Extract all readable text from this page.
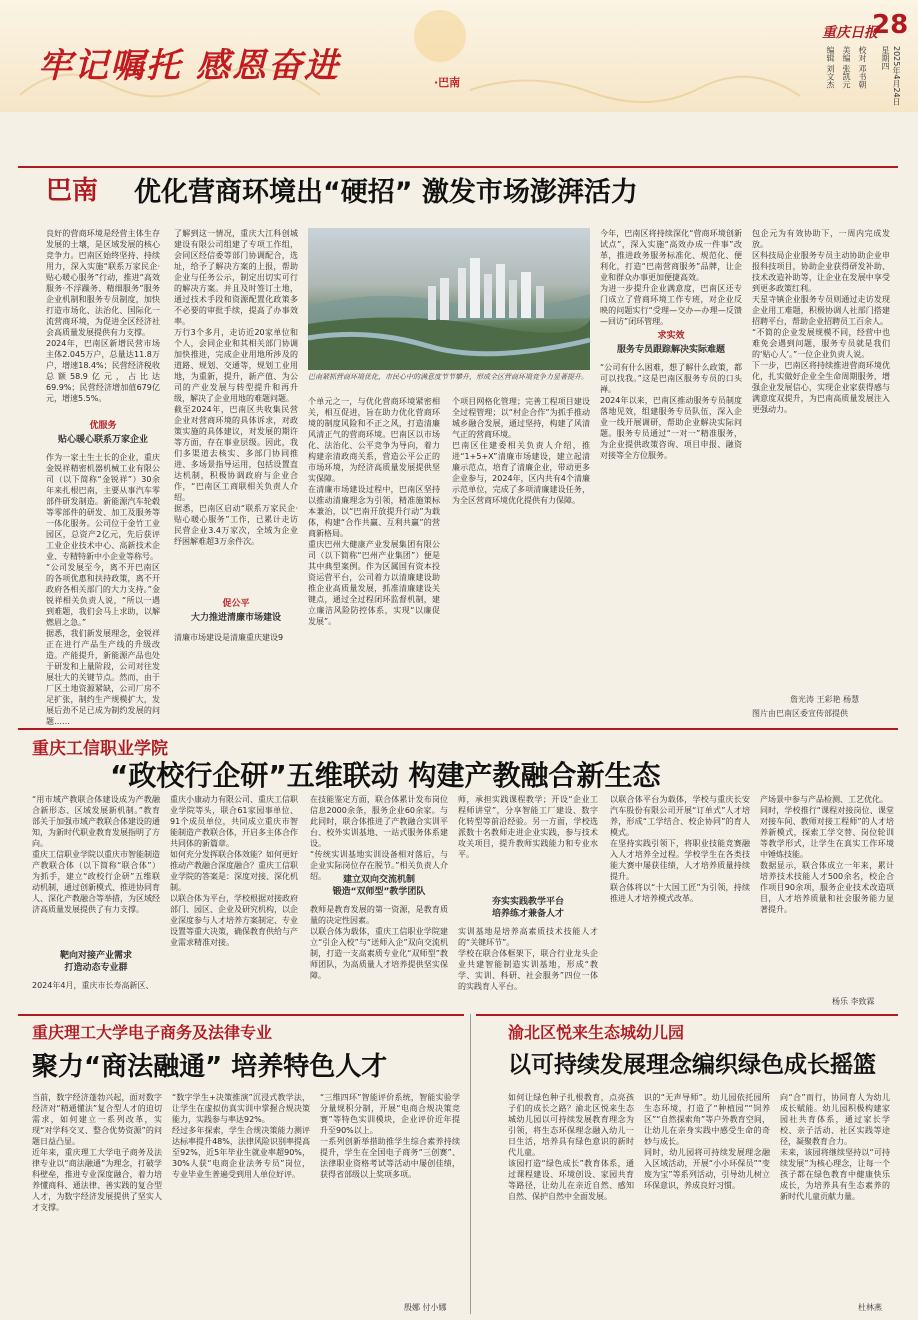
牢记嘱托 感恩奋进	·巴南
重庆日报
28
2025年4月24日 星期四
编辑 刘文杰
美编 张凯元
校对 邓书朝
巴南 优化营商环境出“硬招” 激发市场澎湃活力
良好的营商环境是经营主体生存发展的土壤，是区域发展的核心竞争力。巴南区始终坚持、持续用力，深入实施“联系万家民企·贴心暖心服务”行动，推进“高效服务·不浮躁务、精细服务”服务企业机制和服务专员制度，加快打造市场化、法治化、国际化一流营商环境，为促进全区经济社会高质量发展提供有力支撑。
2024年，巴南区新增民营市场主体2.045万户，总量达11.8万户，增速18.4%；民营经济税收总额58.9亿元，占比达69.9%；民营经济增加值679亿元，增速5.5%。
优服务
贴心暖心联系万家企业
作为一家土生土长的企业，重庆金锐祥精密机器机械工业有限公司（以下简称“金锐祥”）30余年来扎根巴南，主要从事汽车零部件研发制造。新能源汽车轮毂等零部件的研发、加工及服务等一体化服务。公司位于金竹工业园区，总资产2亿元，先后获评工业企业技术中心、高新技术企业、专精特新中小企业等称号。
“公司发展至今，离不开巴南区的各项优惠和扶持政策，离不开政府各相关部门的大力支持。”金锐祥相关负责人说，“所以一遇到难题，我们会马上求助，以解燃眉之急。”
据悉，我们新发展理念，金锐祥正在进行产品生产线的升级改造。产能提升，新能源产品也处于研发和上量阶段，公司对往发展壮大的关键节点。然而，由于厂区土地资源紧缺，公司厂房不足扩张，制约生产规模扩大，发展后劲不足已成为制约发展的问题……
了解到这一情况，重庆大江科创城建设有限公司组建了专项工作组，会同区经信委等部门协调配合，选址，给予了解决方案的上报，帮助企业与任务公示，制定出切实可行的解决方案。并且及时签订土地，通过技术手段和资源配置化政策多不必要的审批手续，提高了办事效率。
万行3个多月，走访近20家单位和个人，会同企业和其相关部门协调加快推进，完成企业用地所涉及的道路、规划、交通等，规划工业用地，为重新，提升，新产值、为公司的产业发展与转型提升和再升级，解决了企业用地的难题问题。
截至2024年，巴南区共收集民营企业对营商环境的具体诉求，对政策实施的具体建议，对发展的期许等方面，存在事业层级。因此，我们多渠道去核实、多部门协同推进、多场景指导运用，包括设置直达机制，积极协调政府与企业合作，“巴南区工商联相关负责人介绍。
据悉，巴南区启动“联系万家民企·贴心暖心服务”工作，已累计走访民营企业3.4万家次，全域为企业纾困解难超3万余件次。
促公平
大力推进清廉市场建设
清廉市场建设是清廉重庆建设9
巴南紧抓营商环境优化，市民心中的满意度节节攀升，形成全区营商环境竞争力显著提升。
个单元之一，与优化营商环境紧密相关，相互促进，旨在助力优化营商环境的制度风险和不正之风，打造清廉风清正气的营商环境。巴南区以市场化、法治化、公平竞争为导向，着力构建亲清政商关系，营造公平公正的市场环境，为经济高质量发展提供坚实保障。
在清廉市场建设过程中，巴南区坚持以推动清廉理念为引领，精准施策标本兼治，以“巴南开放提升行动”为载体，构建“合作共赢、互利共赢”的营商新格局。
重庆巴州大健康产业发展集团有限公司（以下简称“巴州产业集团”）便是其中典型案例。作为区属国有资本投资运营平台，公司着力以清廉建设助推企业高质量发展，抓准清廉建设关键点，通过全过程闭环监督机制，建立廉洁风险防控体系，实现“以廉促发展”。
个项目网格化管理；完善工程项目建设全过程管理；以“村企合作”为抓手推动城乡融合发展，通过坚持，构建了风清气正的营商环境。
巴南区住建委相关负责人介绍，推进“1+5+X”清廉市场建设，建立起清廉示范点，培育了清廉企业，带动更多企业参与，2024年，区内共有4个清廉示范单位，完成了多项清廉建设任务，为全区营商环境优化提供有力保障。
今年，巴南区将持续深化“营商环境创新试点”，深入实施“高效办成一件事”改革，推进政务服务标准化、规范化、便利化，打造“巴南营商服务”品牌，让企业和群众办事更加便捷高效。
为进一步提升企业满意度，巴南区还专门成立了营商环境工作专班，对企业反映的问题实行“受理—交办—办理—反馈—回访”闭环管理。
求实效
服务专员跟踪解决实际难题
“公司有什么困难，想了解什么政策，都可以找我。”这是巴南区服务专员的口头禅。
2024年以来，巴南区推动服务专员制度落地见效，组建服务专员队伍，深入企业一线开展调研，帮助企业解决实际问题。服务专员通过“一对一”精准服务，为企业提供政策咨询、项目申报、融资对接等全方位服务。
包企元为有效协助下，一周内完成发放。
区科技局企业服务专员主动协助企业申报科技项目，协助企业获得研发补助、技术改造补助等，让企业在发展中享受到更多政策红利。
天星寺镇企业服务专员则通过走访发现企业用工难题，积极协调人社部门搭建招聘平台，帮助企业招聘员工百余人。
“不简的企业发展规模不同，经营中也难免会遇到问题，服务专员就是我们的‘贴心人’。”一位企业负责人说。
下一步，巴南区将持续推进营商环境优化，扎实做好企业全生命周期服务，增强企业发展信心，实现企业家获得感与满意度双提升，为巴南高质量发展注入更强动力。
詹光涛 王彩艳 杨慧
图片由巴南区委宣传部提供
重庆工信职业学院
“政校行企研”五维联动 构建产教融合新生态
“用市域产教联合体建设成为产教融合新形态、区域发展新机制。”教育部关于加强市域产教联合体建设的通知，为新时代职业教育发展指明了方向。
重庆工信职业学院以重庆市智能制造产教联合体（以下简称“联合体”）为抓手，建立“政校行企研”五维联动机制，通过创新模式、推进协同育人、深化产教融合等举措，为区域经济高质量发展提供了有力支撑。
靶向对接产业需求
打造动态专业群
2024年4月，重庆市长寿高新区、
重庆小康动力有限公司、重庆工信职业学院等头，联合61家园事单位、91个成员单位，共同成立重庆市智能制造产教联合体，开启多主体合作共同体的新篇章。
如何充分发挥联合体效能？如何更好推动产教融合深度融合？重庆工信职业学院的答案是：深度对接、深化机制。
以联合体为平台，学校根据对接政府部门、园区、企业及研究机构，以企业深度参与人才培养方案制定、专业设置等重大决策，确保教育供给与产业需求精准对接。
在技能鉴定方面，联合体累计发布岗位信息2000余条，服务企业60余家。与此同时，联合体推进了产教融合实训平台、校外实训基地、一站式服务体系建设。
“传统实训基地实训设备相对落后，与企业实际岗位存在脱节。”相关负责人介绍。	建立双向交流机制
锻造“双师型”教学团队
教师是教育发展的第一资源，是教育质量的决定性因素。
以联合体为载体，重庆工信职业学院建立“引企入校”与“送师入企”双向交流机制，打造一支高素质专业化“双师型”教师团队，为高质量人才培养提供坚实保障。
师，承担实践课程教学；开设“企业工程师讲堂”，分享智能工厂建设、数字化转型等前沿经验。另一方面，学校选派数十名教师走进企业实践，参与技术攻关项目，提升教师实践能力和专业水平。
夯实实践教学平台
培养练才兼备人才
实训基地是培养高素质技术技能人才的“关键环节”。
学校在联合体框架下，联合行业龙头企业共建智能制造实训基地，形成“教学、实训、科研、社会服务”四位一体的实践育人平台。
以联合体平台为载体，学校与重庆长安汽车股份有限公司开展“订单式”人才培养，形成“工学结合、校企协同”的育人模式。
在坚持实践引领下，将职业技能竞赛融入人才培养全过程。学校学生在各类技能大赛中屡获佳绩，人才培养质量持续提升。
联合体将以“十大国工匠”为引领，持续推进人才培养模式改革。
产场景中参与产品检测、工艺优化。
同时，学校推行“课程对接岗位、课堂对接车间、教师对接工程师”的人才培养新模式，探索工学交替、岗位轮训等教学形式，让学生在真实工作环境中锤炼技能。
数据显示，联合体成立一年来，累计培养技术技能人才500余名，校企合作项目90余项，服务企业技术改造项目，人才培养质量和社会服务能力显著提升。
杨乐 李致霖
重庆理工大学电子商务及法律专业
聚力“商法融通” 培养特色人才
当前，数字经济蓬勃兴起，面对数字经济对“精通懂法”复合型人才的迫切需求，如何建立一系列改革，实现“对学科交叉、整合优势资源”的问题日益凸显。
近年来，重庆理工大学电子商务及法律专业以“商法融通”为理念，打破学科壁垒，推进专业深度融合，着力培养懂商科、通法律、善实践的复合型人才，为数字经济发展提供了坚实人才支撑。
“数字学生+决策推演”沉浸式教学法，让学生在虚拟仿真实训中掌握合规决策能力，实践参与率达92%。
经过多年探索，学生合规决策能力测评达标率提升48%，法律风险识别率提高至92%，近5年毕业生就业率超90%，30%人获“电商企业法务专员”岗位，专业毕业生普遍受到用人单位好评。
“三维四环”智能评价系统，智能实验学分量规积分制，开展“电商合规决策竞赛”等特色实训模块，企业评价近年提升至90%以上。
一系列创新举措助推学生综合素养持续提升，学生在全国电子商务“三创赛”、法律职业资格考试等活动中屡创佳绩，获得省部级以上奖项多项。
殷娜 付小娜
渝北区悦来生态城幼儿园
以可持续发展理念编织绿色成长摇篮
如何让绿色种子扎根教育，点亮孩子们的成长之路？渝北区悦来生态城幼儿园以可持续发展教育理念为引领，将生态环保理念融入幼儿一日生活，培养具有绿色意识的新时代儿童。
该园打造“绿色成长”教育体系，通过课程建设、环境创设、家园共育等路径，让幼儿在亲近自然、感知自然、保护自然中全面发展。
识的“无声导师”。幼儿园依托园所生态环境，打造了“种植园”“饲养区”“自然探索角”等户外教育空间，让幼儿在亲身实践中感受生命的奇妙与成长。
同时，幼儿园将可持续发展理念融入区域活动，开展“小小环保员”“变废为宝”等系列活动，引导幼儿树立环保意识，养成良好习惯。
向“合”而行，协同育人为幼儿成长赋能。幼儿园积极构建家园社共育体系，通过家长学校、亲子活动、社区实践等途径，凝聚教育合力。
未来，该园将继续坚持以“可持续发展”为核心理念，让每一个孩子都在绿色教育中健康快乐成长，为培养具有生态素养的新时代儿童贡献力量。
杜林燕
